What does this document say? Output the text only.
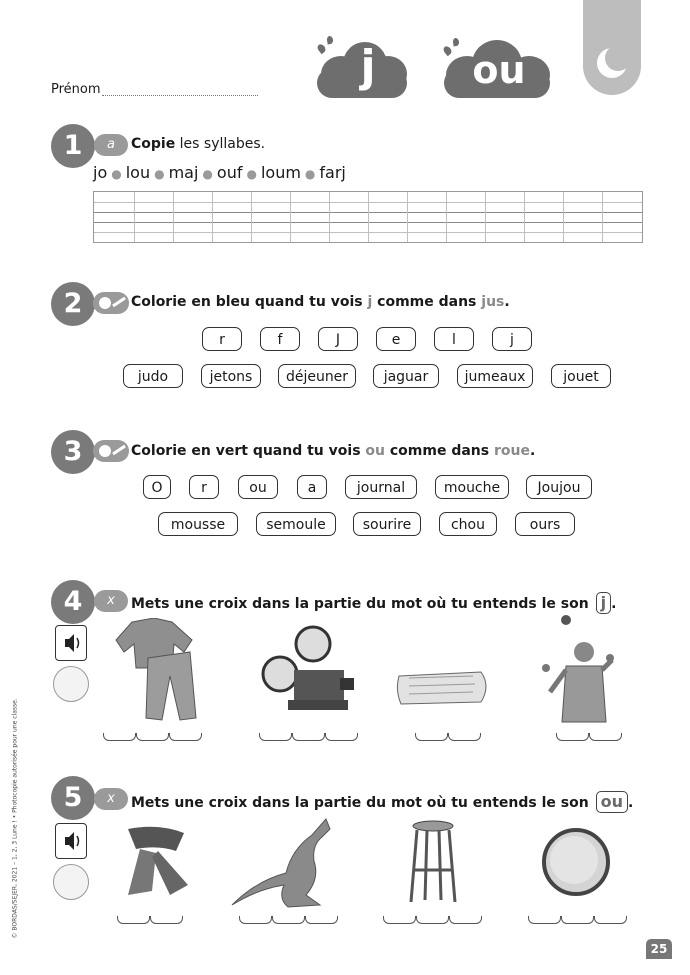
j	ou
Prénom
1	a	Copie les syllabes.
jo ● lou ● maj ● ouf ● loum ● farj
2	Colorie en bleu quand tu vois j comme dans jus.
r	f	J	e	l	j
judo	jetons	déjeuner	jaguar	jumeaux	jouet
3	Colorie en vert quand tu vois ou comme dans roue.
O	r	ou	a	journal	mouche	Joujou
mousse	semoule	sourire	chou	ours
4	x	Mets une croix dans la partie du mot où tu entends le son j .
5	x	Mets une croix dans la partie du mot où tu entends le son ou .
© BORDAS/SEJER, 2021 – 1, 2, 3 Lune ! • Photocopie autorisée pour une classe.
25
